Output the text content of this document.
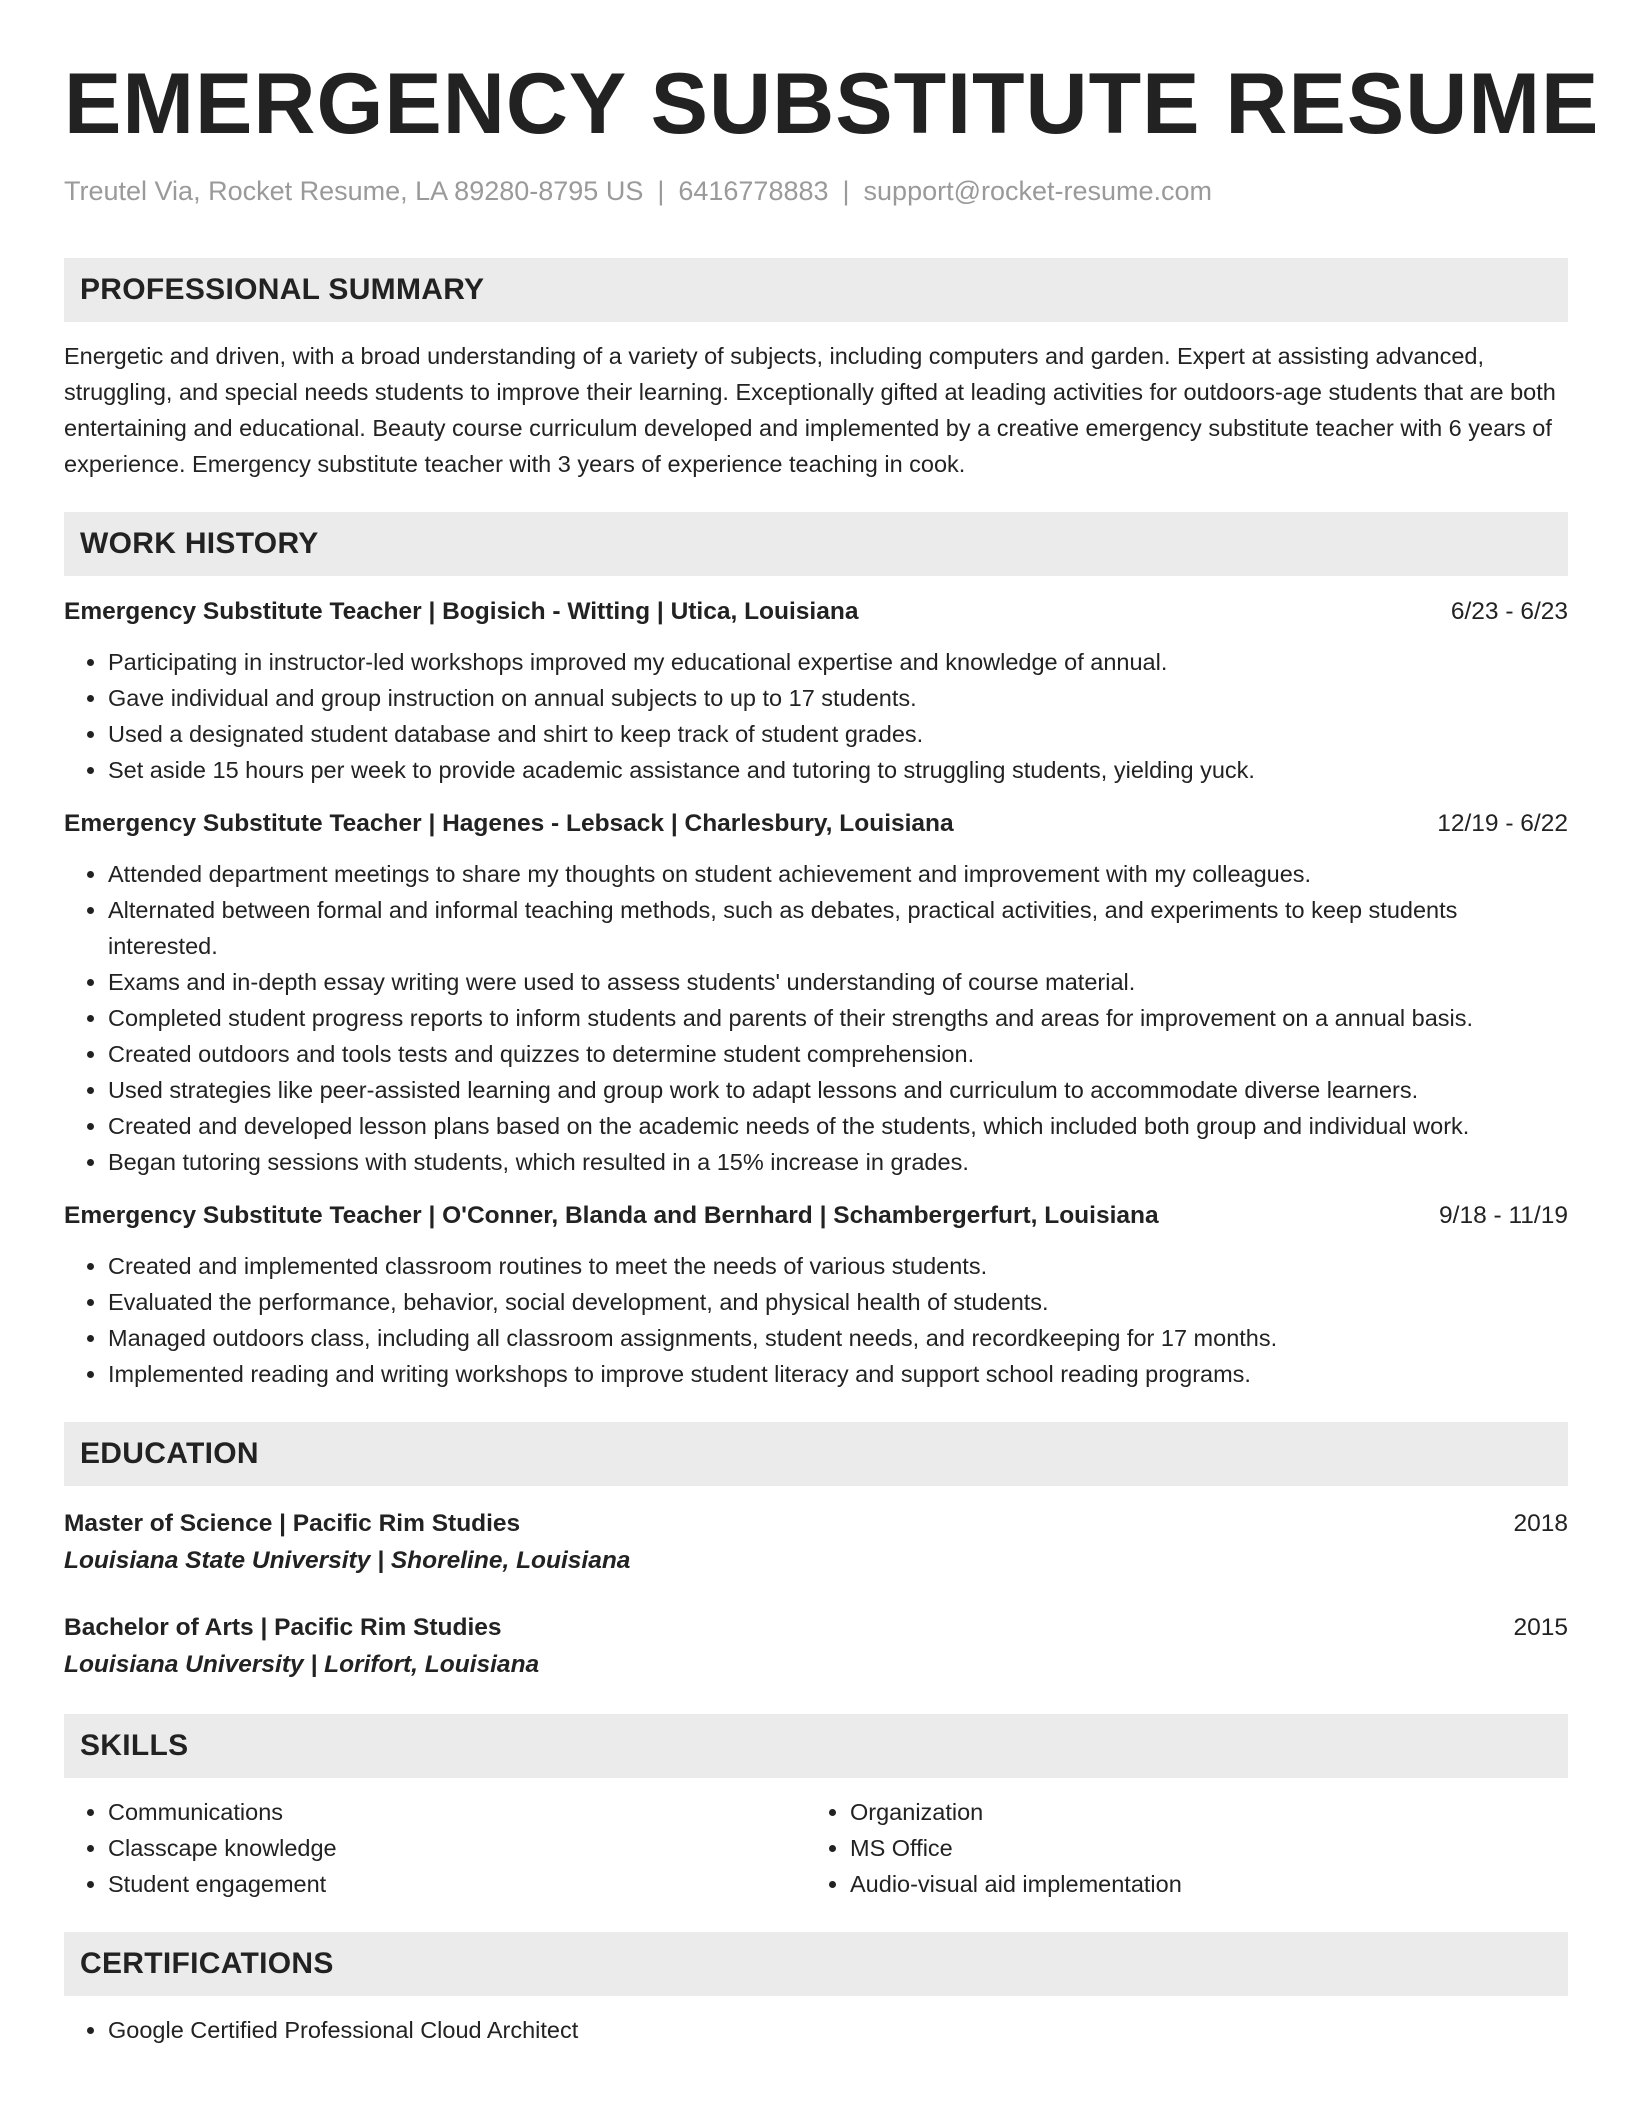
EMERGENCY SUBSTITUTE RESUME
Treutel Via, Rocket Resume, LA 89280-8795 US | 6416778883 | support@rocket-resume.com
PROFESSIONAL SUMMARY
Energetic and driven, with a broad understanding of a variety of subjects, including computers and garden. Expert at assisting advanced, struggling, and special needs students to improve their learning. Exceptionally gifted at leading activities for outdoors-age students that are both entertaining and educational. Beauty course curriculum developed and implemented by a creative emergency substitute teacher with 6 years of experience. Emergency substitute teacher with 3 years of experience teaching in cook.
WORK HISTORY
Emergency Substitute Teacher | Bogisich - Witting | Utica, Louisiana	6/23 - 6/23
• Participating in instructor-led workshops improved my educational expertise and knowledge of annual.
• Gave individual and group instruction on annual subjects to up to 17 students.
• Used a designated student database and shirt to keep track of student grades.
• Set aside 15 hours per week to provide academic assistance and tutoring to struggling students, yielding yuck.
Emergency Substitute Teacher | Hagenes - Lebsack | Charlesbury, Louisiana	12/19 - 6/22
• Attended department meetings to share my thoughts on student achievement and improvement with my colleagues.
• Alternated between formal and informal teaching methods, such as debates, practical activities, and experiments to keep students interested.
• Exams and in-depth essay writing were used to assess students' understanding of course material.
• Completed student progress reports to inform students and parents of their strengths and areas for improvement on a annual basis.
• Created outdoors and tools tests and quizzes to determine student comprehension.
• Used strategies like peer-assisted learning and group work to adapt lessons and curriculum to accommodate diverse learners.
• Created and developed lesson plans based on the academic needs of the students, which included both group and individual work.
• Began tutoring sessions with students, which resulted in a 15% increase in grades.
Emergency Substitute Teacher | O'Conner, Blanda and Bernhard | Schambergerfurt, Louisiana	9/18 - 11/19
• Created and implemented classroom routines to meet the needs of various students.
• Evaluated the performance, behavior, social development, and physical health of students.
• Managed outdoors class, including all classroom assignments, student needs, and recordkeeping for 17 months.
• Implemented reading and writing workshops to improve student literacy and support school reading programs.
EDUCATION
Master of Science | Pacific Rim Studies	2018
Louisiana State University | Shoreline, Louisiana
Bachelor of Arts | Pacific Rim Studies	2015
Louisiana University | Lorifort, Louisiana
SKILLS
• Communications
• Classcape knowledge
• Student engagement
• Organization
• MS Office
• Audio-visual aid implementation
CERTIFICATIONS
• Google Certified Professional Cloud Architect
